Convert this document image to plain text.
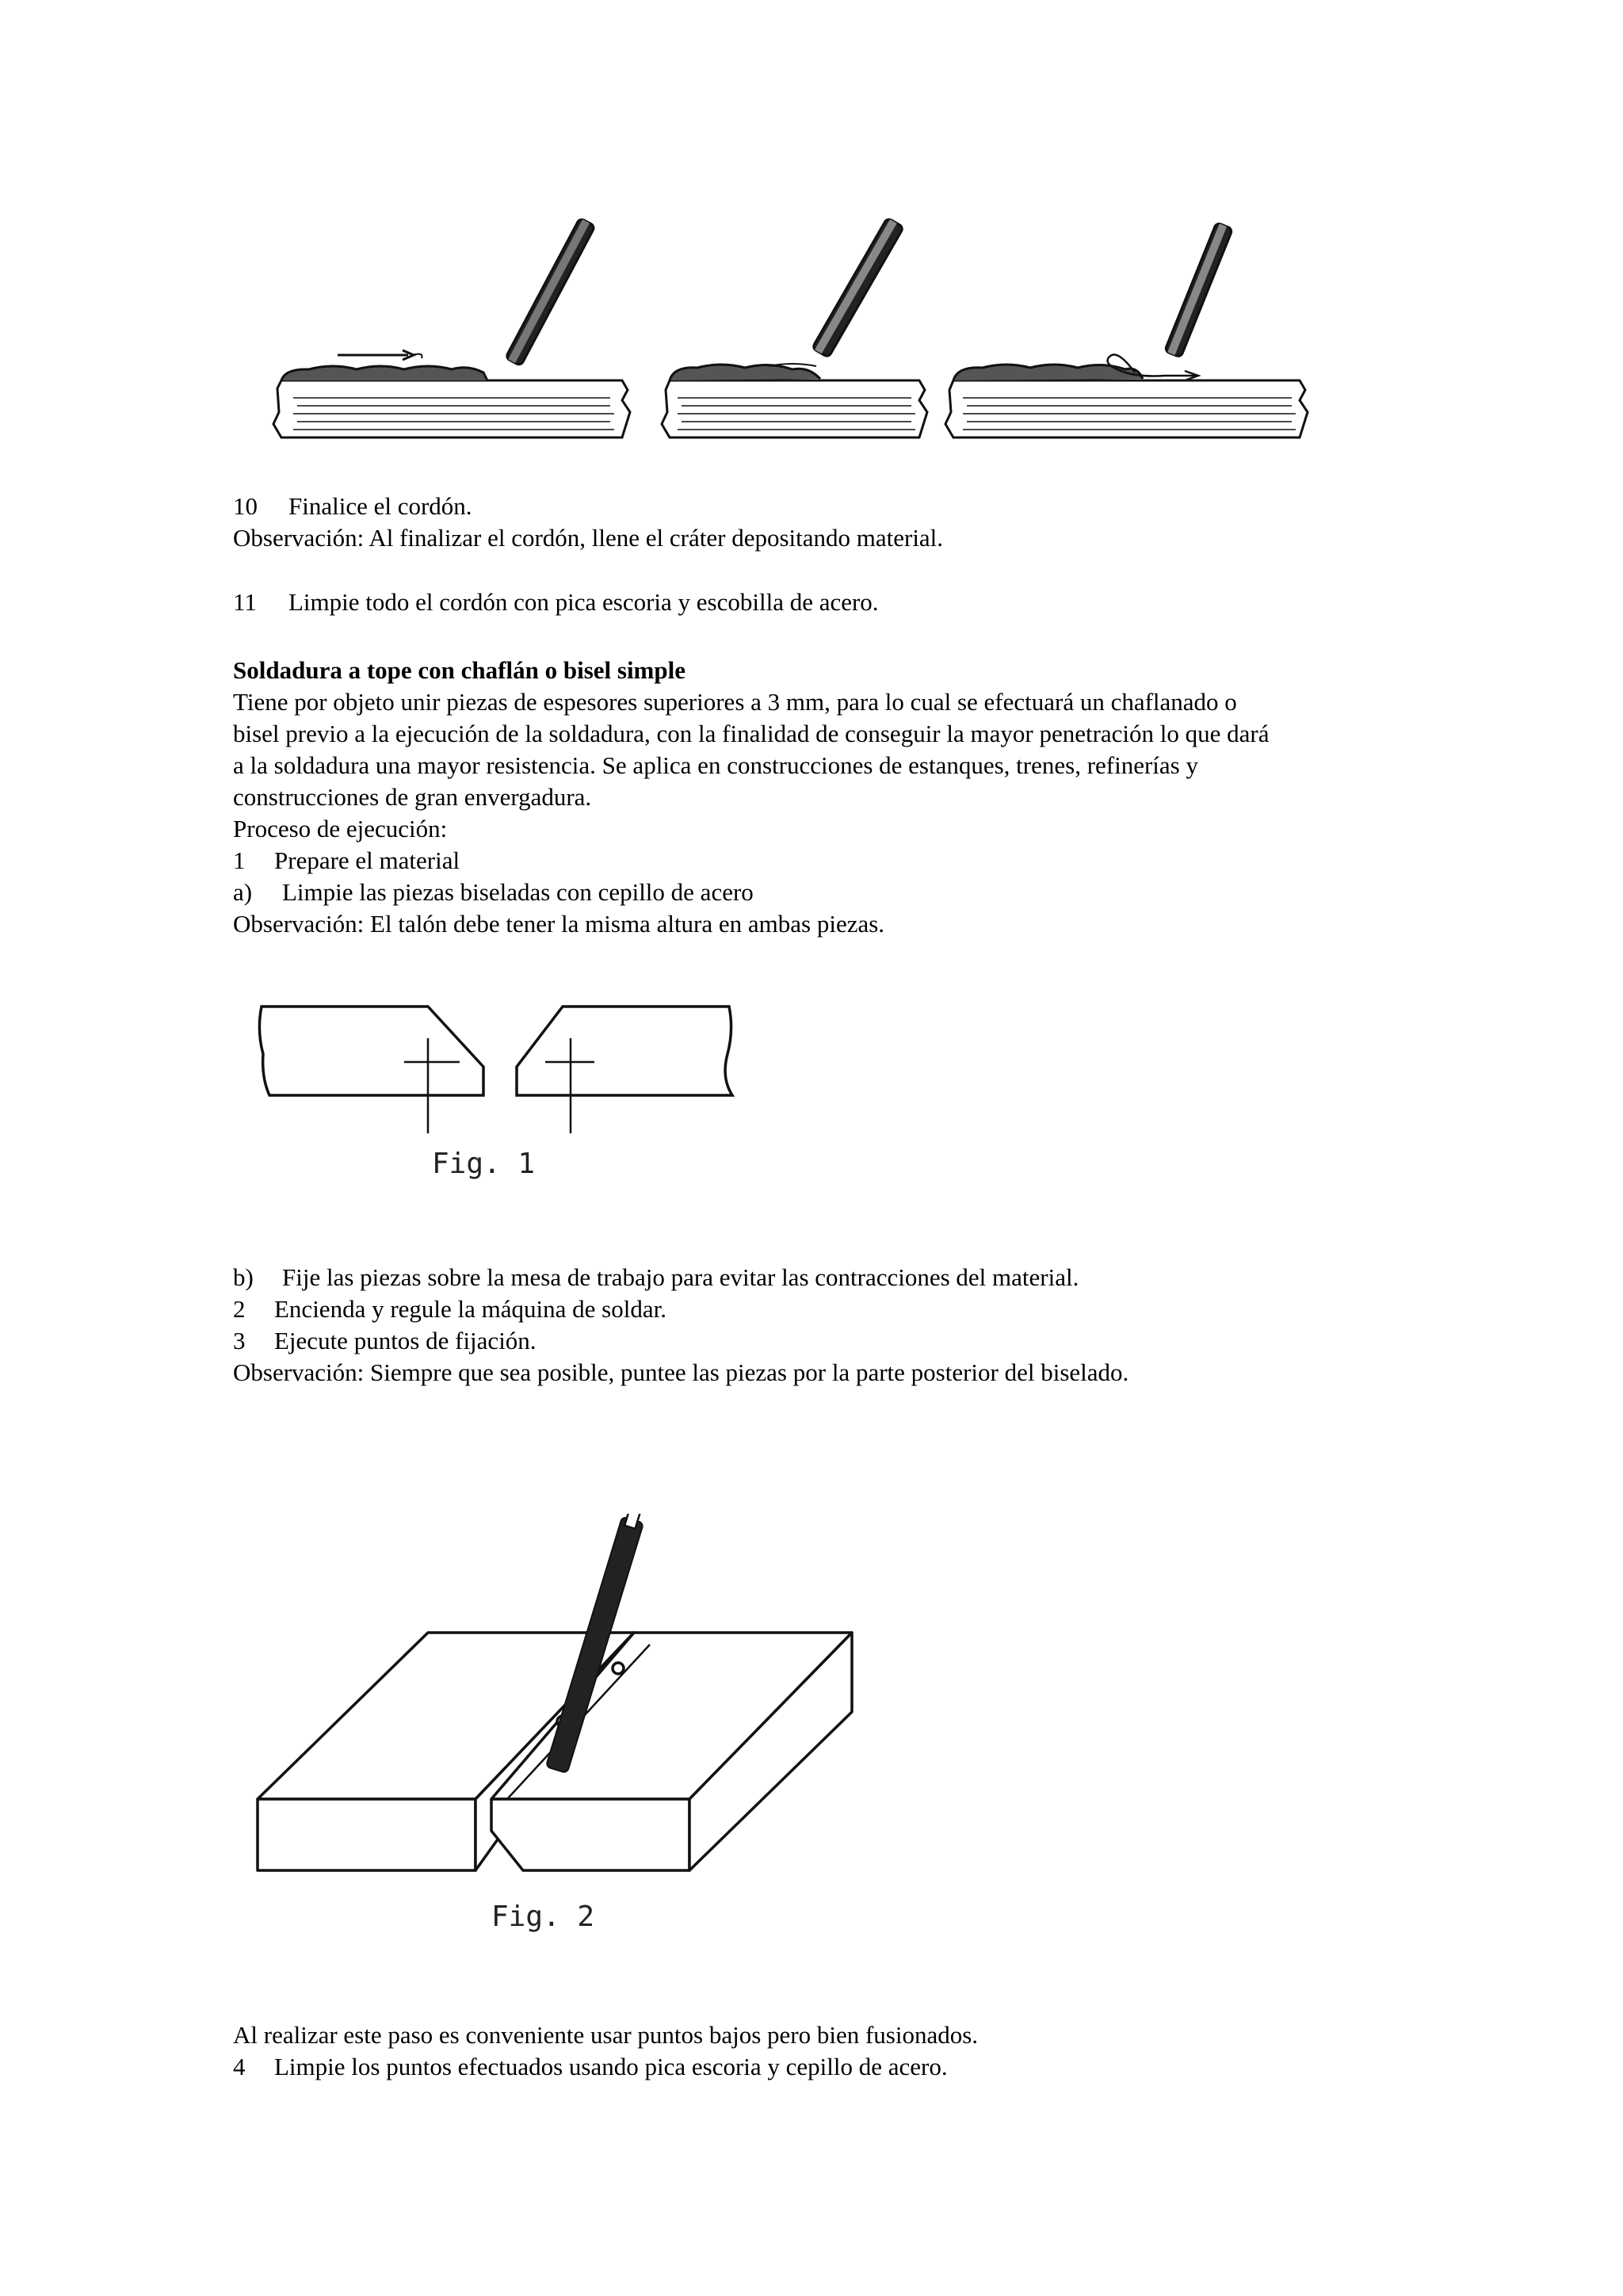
10 Finalice el cordón.
Observación: Al finalizar el cordón, llene el cráter depositando material.
11 Limpie todo el cordón con pica escoria y escobilla de acero.
Soldadura a tope con chaflán o bisel simple
Tiene por objeto unir piezas de espesores superiores a 3 mm, para lo cual se efectuará un chaflanado o
bisel previo a la ejecución de la soldadura, con la finalidad de conseguir la mayor penetración lo que dará
a la soldadura una mayor resistencia. Se aplica en construcciones de estanques, trenes, refinerías y
construcciones de gran envergadura.
Proceso de ejecución:
1 Prepare el material
a) Limpie las piezas biseladas con cepillo de acero
Observación: El talón debe tener la misma altura en ambas piezas.
Fig. 1
b) Fije las piezas sobre la mesa de trabajo para evitar las contracciones del material.
2 Encienda y regule la máquina de soldar.
3 Ejecute puntos de fijación.
Observación: Siempre que sea posible, puntee las piezas por la parte posterior del biselado.
Fig. 2
Al realizar este paso es conveniente usar puntos bajos pero bien fusionados.
4 Limpie los puntos efectuados usando pica escoria y cepillo de acero.
